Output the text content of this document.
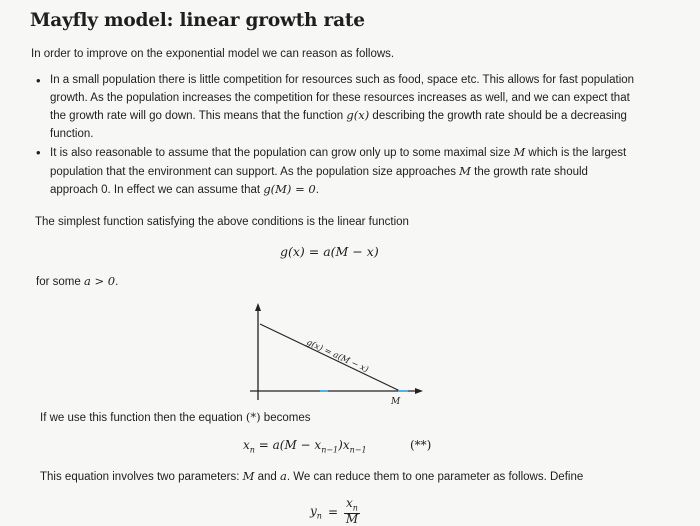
Mayfly model: linear growth rate
In order to improve on the exponential model we can reason as follows.
• In a small population there is little competition for resources such as food, space etc. This allows for fast population growth. As the population increases the competition for these resources increases as well, and we can expect that the growth rate will go down. This means that the function g(x) describing the growth rate should be a decreasing function.
• It is also reasonable to assume that the population can grow only up to some maximal size M which is the largest population that the environment can support. As the population size approaches M the growth rate should approach 0. In effect we can assume that g(M) = 0.
The simplest function satisfying the above conditions is the linear function
g(x) = a(M − x)
for some a > 0.
g(x) = a(M − x)
M
If we use this function then the equation (*) becomes
$x_n = a(M - x_{n-1})x_{n-1}$	(**)
This equation involves two parameters: M and a. We can reduce them to one parameter as follows. Define
$y_n = \frac{x_n}{M}$
